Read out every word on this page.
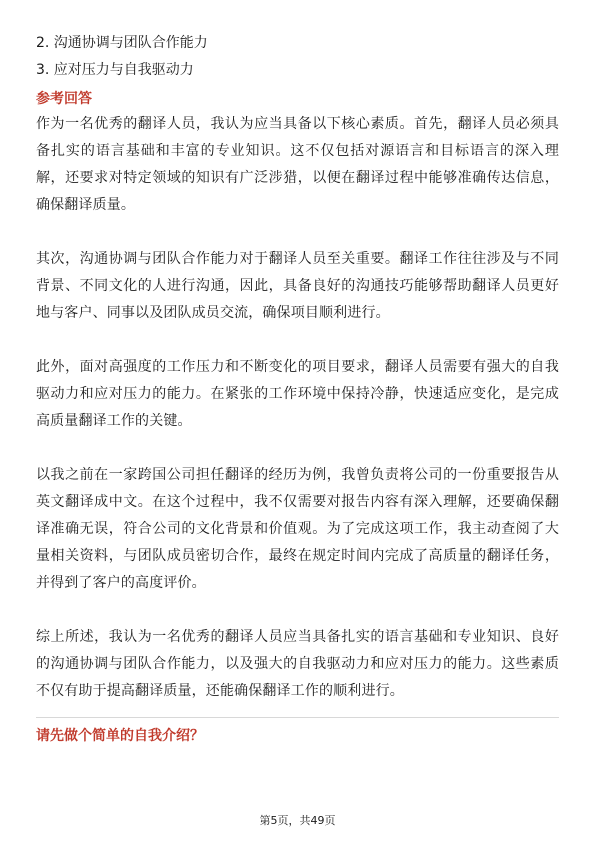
2. 沟通协调与团队合作能力
3. 应对压力与自我驱动力
参考回答

作为一名优秀的翻译人员，我认为应当具备以下核心素质。首先，翻译人员必须具备扎实的语言基础和丰富的专业知识。这不仅包括对源语言和目标语言的深入理解，还要求对特定领域的知识有广泛涉猎，以便在翻译过程中能够准确传达信息，确保翻译质量。

其次，沟通协调与团队合作能力对于翻译人员至关重要。翻译工作往往涉及与不同背景、不同文化的人进行沟通，因此，具备良好的沟通技巧能够帮助翻译人员更好地与客户、同事以及团队成员交流，确保项目顺利进行。

此外，面对高强度的工作压力和不断变化的项目要求，翻译人员需要有强大的自我驱动力和应对压力的能力。在紧张的工作环境中保持冷静，快速适应变化，是完成高质量翻译工作的关键。

以我之前在一家跨国公司担任翻译的经历为例，我曾负责将公司的一份重要报告从英文翻译成中文。在这个过程中，我不仅需要对报告内容有深入理解，还要确保翻译准确无误，符合公司的文化背景和价值观。为了完成这项工作，我主动查阅了大量相关资料，与团队成员密切合作，最终在规定时间内完成了高质量的翻译任务，并得到了客户的高度评价。

综上所述，我认为一名优秀的翻译人员应当具备扎实的语言基础和专业知识、良好的沟通协调与团队合作能力，以及强大的自我驱动力和应对压力的能力。这些素质不仅有助于提高翻译质量，还能确保翻译工作的顺利进行。

请先做个简单的自我介绍？
第5页，共49页
